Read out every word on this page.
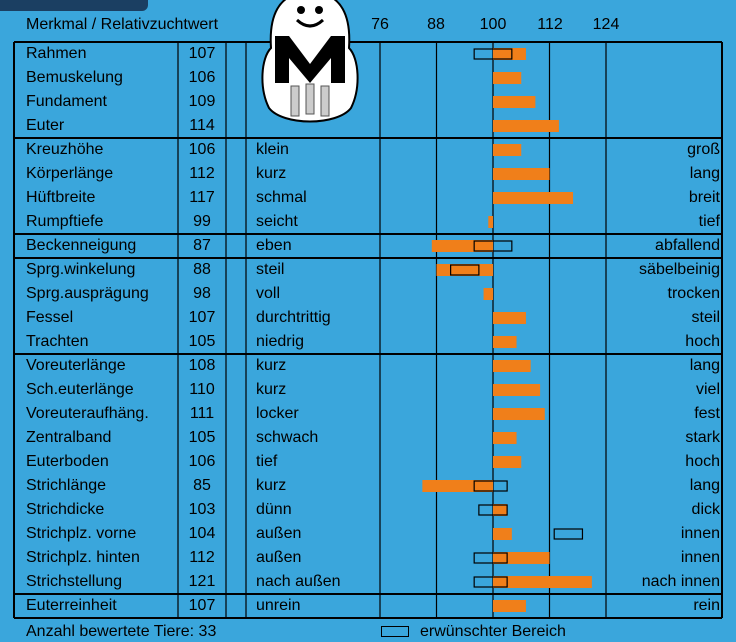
Merkmal / Relativzuchtwert	76 88 100 112 124
Rahmen	107
Bemuskelung	106
Fundament	109
Euter	114
Kreuzhöhe	106	klein	groß
Körperlänge	112	kurz	lang
Hüftbreite	117	schmal	breit
Rumpftiefe	99	seicht	tief
Beckenneigung	87	eben	abfallend
Sprg.winkelung	88	steil	säbelbeinig
Sprg.ausprägung	98	voll	trocken
Fessel	107	durchtrittig	steil
Trachten	105	niedrig	hoch
Voreuterlänge	108	kurz	lang
Sch.euterlänge	110	kurz	viel
Voreuteraufhäng.	111	locker	fest
Zentralband	105	schwach	stark
Euterboden	106	tief	hoch
Strichlänge	85	kurz	lang
Strichdicke	103	dünn	dick
Strichplz. vorne	104	außen	innen
Strichplz. hinten	112	außen	innen
Strichstellung	121	nach außen	nach innen
Euterreinheit	107	unrein	rein
Anzahl bewertete Tiere: 33	erwünschter Bereich
